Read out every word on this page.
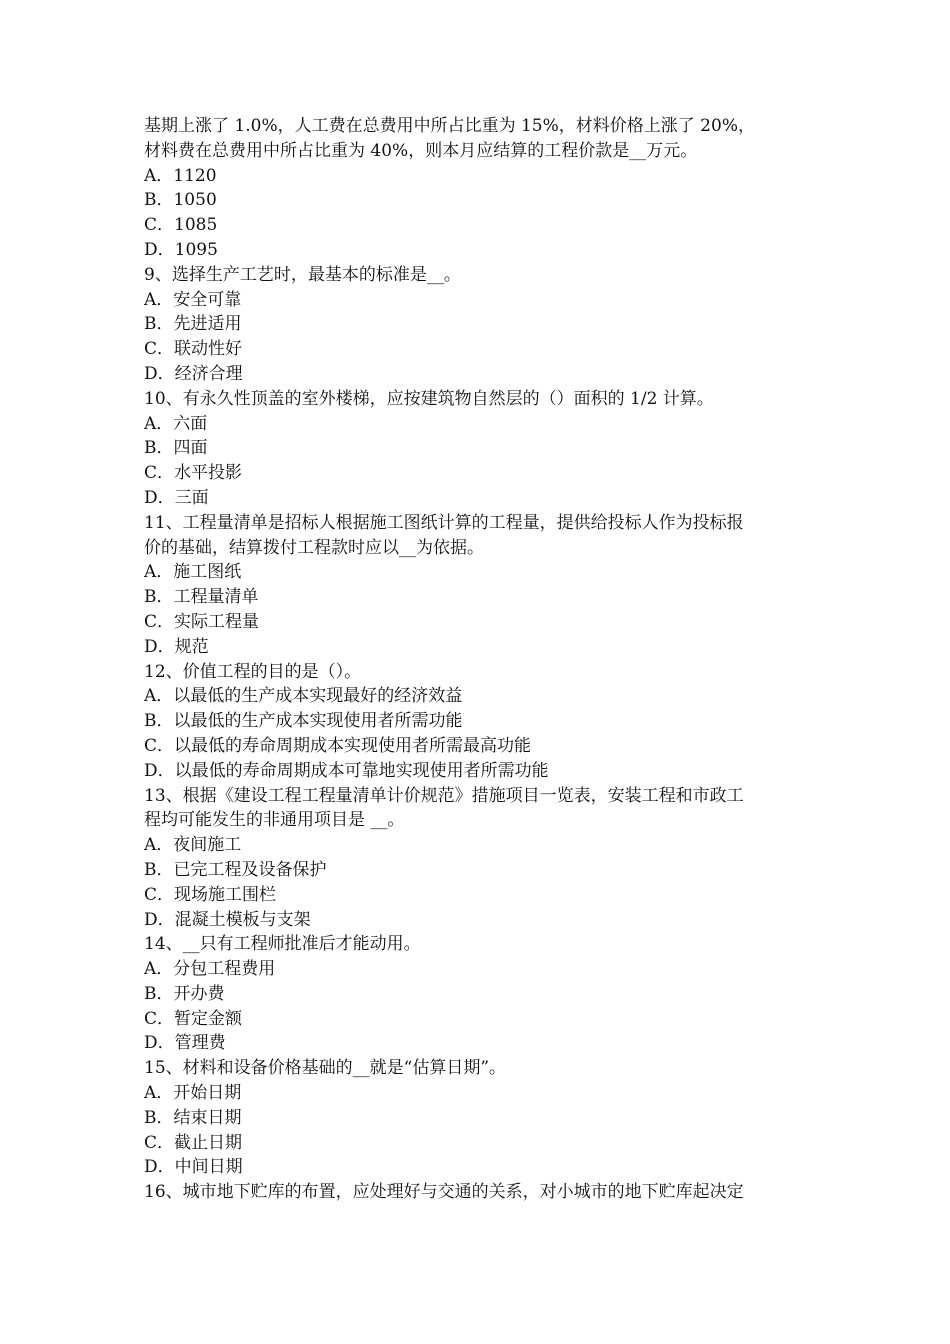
基期上涨了 1.0%，人工费在总费用中所占比重为 15%，材料价格上涨了 20%，
材料费在总费用中所占比重为 40%，则本月应结算的工程价款是__万元。
A．1120
B．1050
C．1085
D．1095
9、选择生产工艺时，最基本的标准是__。
A．安全可靠
B．先进适用
C．联动性好
D．经济合理
10、有永久性顶盖的室外楼梯，应按建筑物自然层的（）面积的 1/2 计算。
A．六面
B．四面
C．水平投影
D．三面
11、工程量清单是招标人根据施工图纸计算的工程量，提供给投标人作为投标报
价的基础，结算拨付工程款时应以__为依据。
A．施工图纸
B．工程量清单
C．实际工程量
D．规范
12、价值工程的目的是（）。
A．以最低的生产成本实现最好的经济效益
B．以最低的生产成本实现使用者所需功能
C．以最低的寿命周期成本实现使用者所需最高功能
D．以最低的寿命周期成本可靠地实现使用者所需功能
13、根据《建设工程工程量清单计价规范》措施项目一览表，安装工程和市政工
程均可能发生的非通用项目是 __。
A．夜间施工
B．已完工程及设备保护
C．现场施工围栏
D．混凝土模板与支架
14、__只有工程师批准后才能动用。
A．分包工程费用
B．开办费
C．暂定金额
D．管理费
15、材料和设备价格基础的__就是“估算日期”。
A．开始日期
B．结束日期
C．截止日期
D．中间日期
16、城市地下贮库的布置，应处理好与交通的关系，对小城市的地下贮库起决定
